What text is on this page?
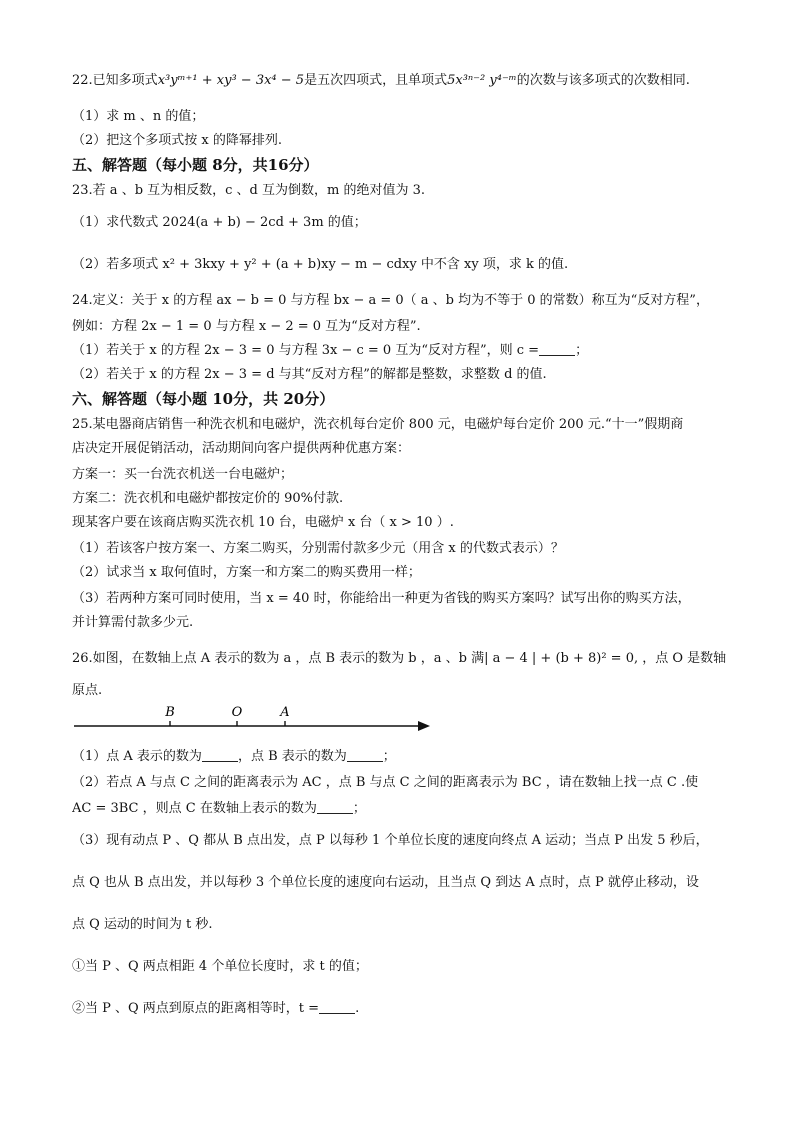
22.已知多项式x³yᵐ⁺¹ + xy³ − 3x⁴ − 5是五次四项式，且单项式5x³ⁿ⁻² y⁴⁻ᵐ的次数与该多项式的次数相同.
（1）求 m 、n 的值；
（2）把这个多项式按 x 的降幂排列.
五、解答题（每小题 8分，共16分）
23.若 a 、b 互为相反数，c 、d 互为倒数，m 的绝对值为 3.
（1）求代数式 2024(a + b) − 2cd + 3m 的值；
（2）若多项式 x² + 3kxy + y² + (a + b)xy − m − cdxy 中不含 xy 项，求 k 的值.
24.定义：关于 x 的方程 ax − b = 0 与方程 bx − a = 0（ a 、b 均为不等于 0 的常数）称互为“反对方程”，
例如：方程 2x − 1 = 0 与方程 x − 2 = 0 互为“反对方程”.
（1）若关于 x 的方程 2x − 3 = 0 与方程 3x − c = 0 互为“反对方程”，则 c =	；
（2）若关于 x 的方程 2x − 3 = d 与其“反对方程”的解都是整数，求整数 d 的值.
六、解答题（每小题 10分，共 20分）
25.某电器商店销售一种洗衣机和电磁炉，洗衣机每台定价 800 元，电磁炉每台定价 200 元.“十一”假期商
店决定开展促销活动，活动期间向客户提供两种优惠方案：
方案一：买一台洗衣机送一台电磁炉；
方案二：洗衣机和电磁炉都按定价的 90%付款.
现某客户要在该商店购买洗衣机 10 台，电磁炉 x 台（ x > 10 ）.
（1）若该客户按方案一、方案二购买，分别需付款多少元（用含 x 的代数式表示）？
（2）试求当 x 取何值时，方案一和方案二的购买费用一样；
（3）若两种方案可同时使用，当 x = 40 时，你能给出一种更为省钱的购买方案吗？试写出你的购买方法，
并计算需付款多少元.
26.如图，在数轴上点 A 表示的数为 a ，点 B 表示的数为 b ，a 、b 满| a − 4 | + (b + 8)² = 0, ，点 O 是数轴
原点.
B	O	A
（1）点 A 表示的数为	，点 B 表示的数为	；
（2）若点 A 与点 C 之间的距离表示为 AC ，点 B 与点 C 之间的距离表示为 BC ，请在数轴上找一点 C .使
AC = 3BC ，则点 C 在数轴上表示的数为	；
（3）现有动点 P 、Q 都从 B 点出发，点 P 以每秒 1 个单位长度的速度向终点 A 运动；当点 P 出发 5 秒后，
点 Q 也从 B 点出发，并以每秒 3 个单位长度的速度向右运动，且当点 Q 到达 A 点时，点 P 就停止移动，设
点 Q 运动的时间为 t 秒.
①当 P 、Q 两点相距 4 个单位长度时，求 t 的值；
②当 P 、Q 两点到原点的距离相等时，t =	.
